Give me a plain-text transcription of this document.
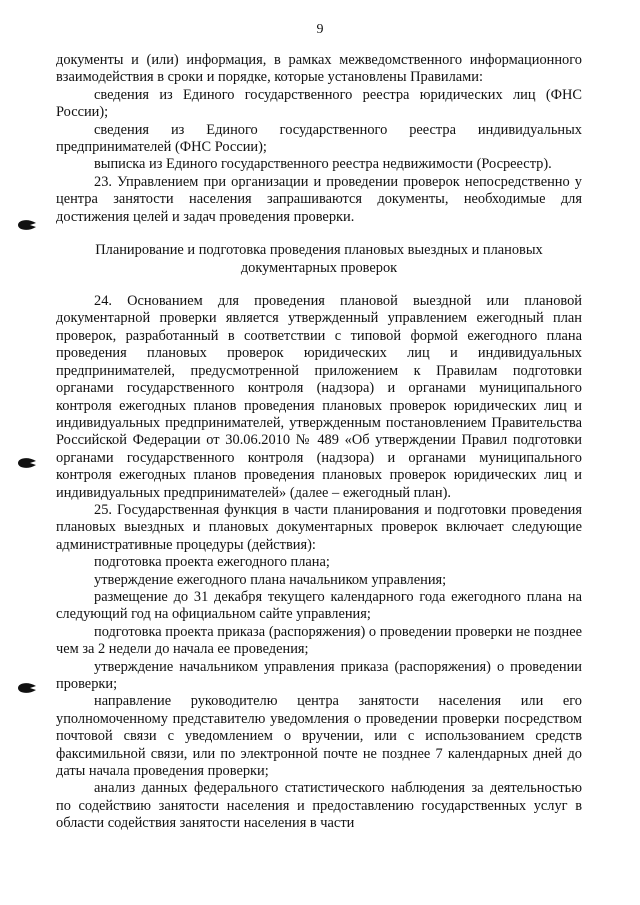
9

документы и (или) информация, в рамках межведомственного информационного взаимодействия в сроки и порядке, которые установлены Правилами:

сведения из Единого государственного реестра юридических лиц (ФНС России);

сведения из Единого государственного реестра индивидуальных предпринимателей (ФНС России);

выписка из Единого государственного реестра недвижимости (Росреестр).

23. Управлением при организации и проведении проверок непосредственно у центра занятости населения запрашиваются документы, необходимые для достижения целей и задач проведения проверки.

Планирование и подготовка проведения плановых выездных и плановых документарных проверок

24. Основанием для проведения плановой выездной или плановой документарной проверки является утвержденный управлением ежегодный план проверок, разработанный в соответствии с типовой формой ежегодного плана проведения плановых проверок юридических лиц и индивидуальных предпринимателей, предусмотренной приложением к Правилам подготовки органами государственного контроля (надзора) и органами муниципального контроля ежегодных планов проведения плановых проверок юридических лиц и индивидуальных предпринимателей, утвержденным постановлением Правительства Российской Федерации от 30.06.2010 № 489 «Об утверждении Правил подготовки органами государственного контроля (надзора) и органами муниципального контроля ежегодных планов проведения плановых проверок юридических лиц и индивидуальных предпринимателей» (далее – ежегодный план).

25. Государственная функция в части планирования и подготовки проведения плановых выездных и плановых документарных проверок включает следующие административные процедуры (действия):

подготовка проекта ежегодного плана;

утверждение ежегодного плана начальником управления;

размещение до 31 декабря текущего календарного года ежегодного плана на следующий год на официальном сайте управления;

подготовка проекта приказа (распоряжения) о проведении проверки не позднее чем за 2 недели до начала ее проведения;

утверждение начальником управления приказа (распоряжения) о проведении проверки;

направление руководителю центра занятости населения или его уполномоченному представителю уведомления о проведении проверки посредством почтовой связи с уведомлением о вручении, или с использованием средств факсимильной связи, или по электронной почте не позднее 7 календарных дней до даты начала проведения проверки;

анализ данных федерального статистического наблюдения за деятельностью по содействию занятости населения и предоставлению государственных услуг в области содействия занятости населения в части
